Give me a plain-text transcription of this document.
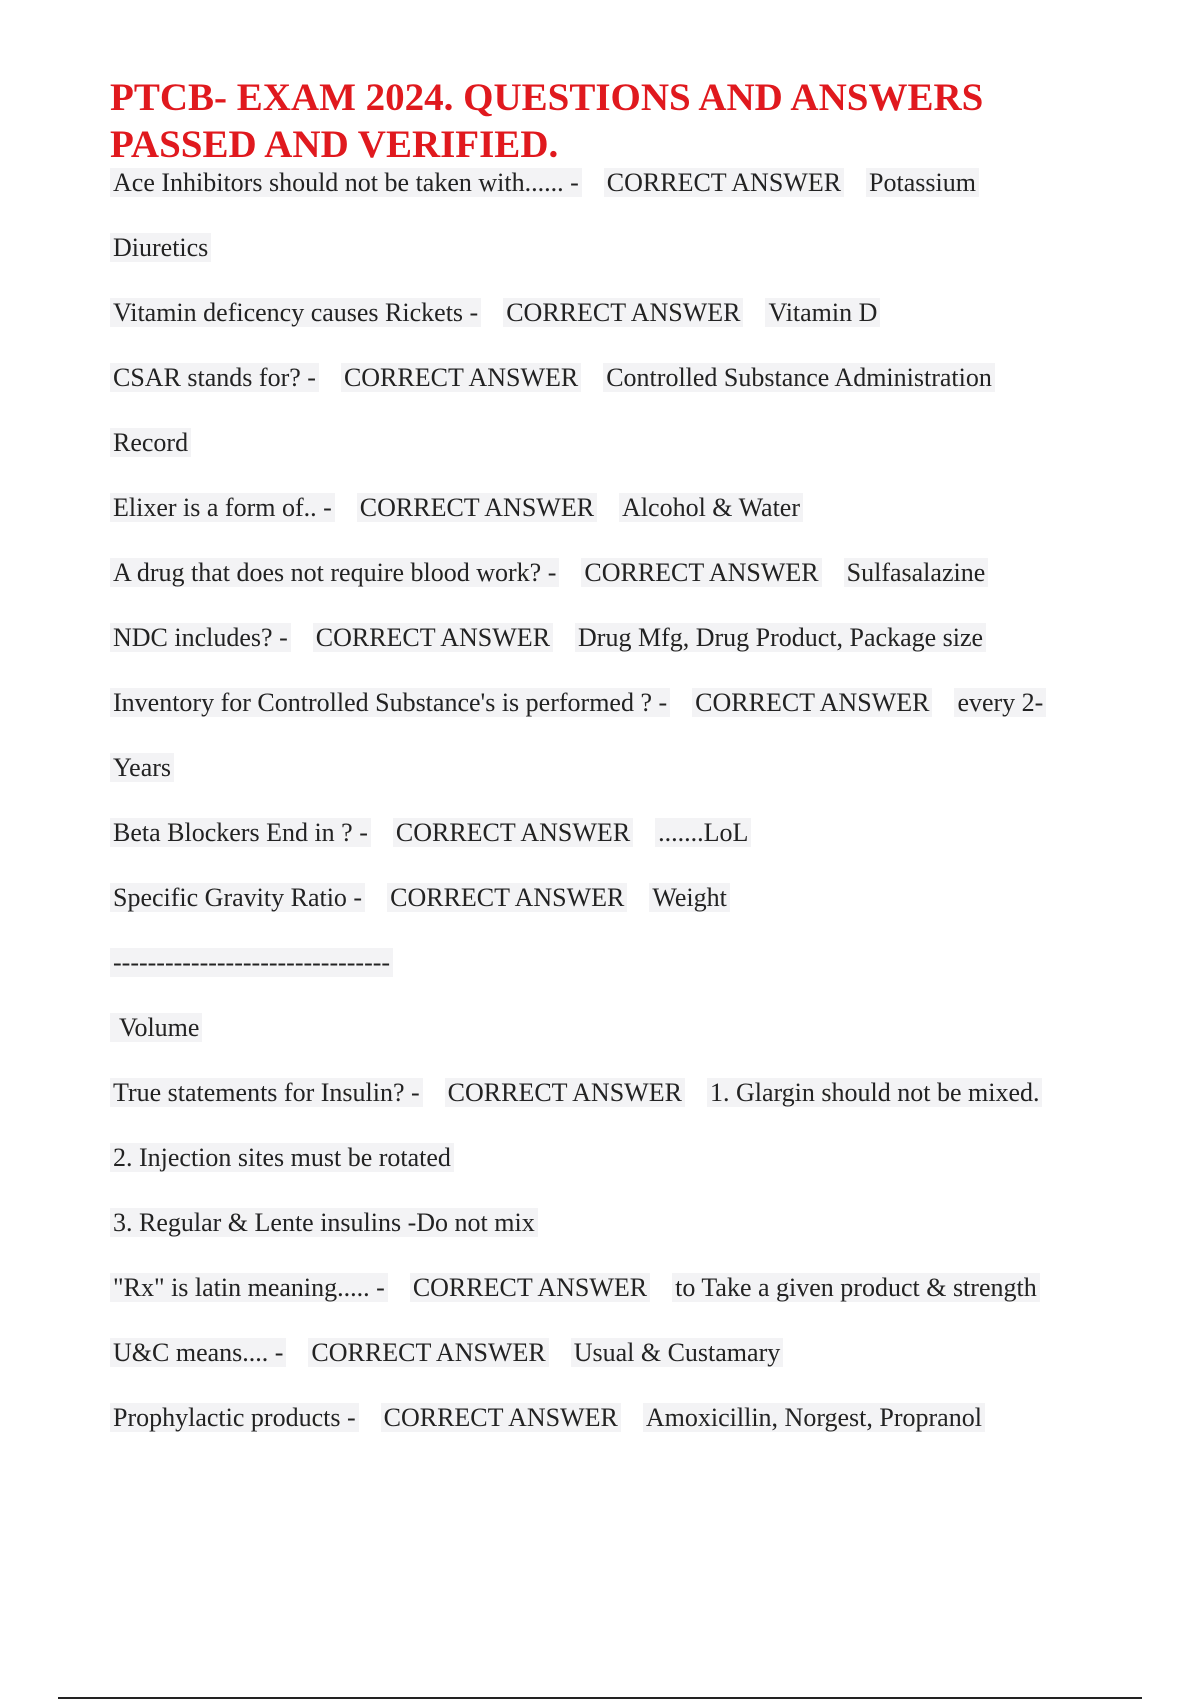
PTCB- EXAM 2024. QUESTIONS AND ANSWERS
PASSED AND VERIFIED.
Ace Inhibitors should not be taken with...... - CORRECT ANSWER Potassium
Diuretics
Vitamin deficency causes Rickets - CORRECT ANSWER Vitamin D
CSAR stands for? - CORRECT ANSWER Controlled Substance Administration
Record
Elixer is a form of.. - CORRECT ANSWER Alcohol & Water
A drug that does not require blood work? - CORRECT ANSWER Sulfasalazine
NDC includes? - CORRECT ANSWER Drug Mfg, Drug Product, Package size
Inventory for Controlled Substance's is performed ? - CORRECT ANSWER every 2-
Years
Beta Blockers End in ? - CORRECT ANSWER .......LoL
Specific Gravity Ratio - CORRECT ANSWER Weight
--------------------------------
Volume
True statements for Insulin? - CORRECT ANSWER 1. Glargin should not be mixed.
2. Injection sites must be rotated
3. Regular & Lente insulins -Do not mix
"Rx" is latin meaning..... - CORRECT ANSWER to Take a given product & strength
U&C means.... - CORRECT ANSWER Usual & Custamary
Prophylactic products - CORRECT ANSWER Amoxicillin, Norgest, Propranol
